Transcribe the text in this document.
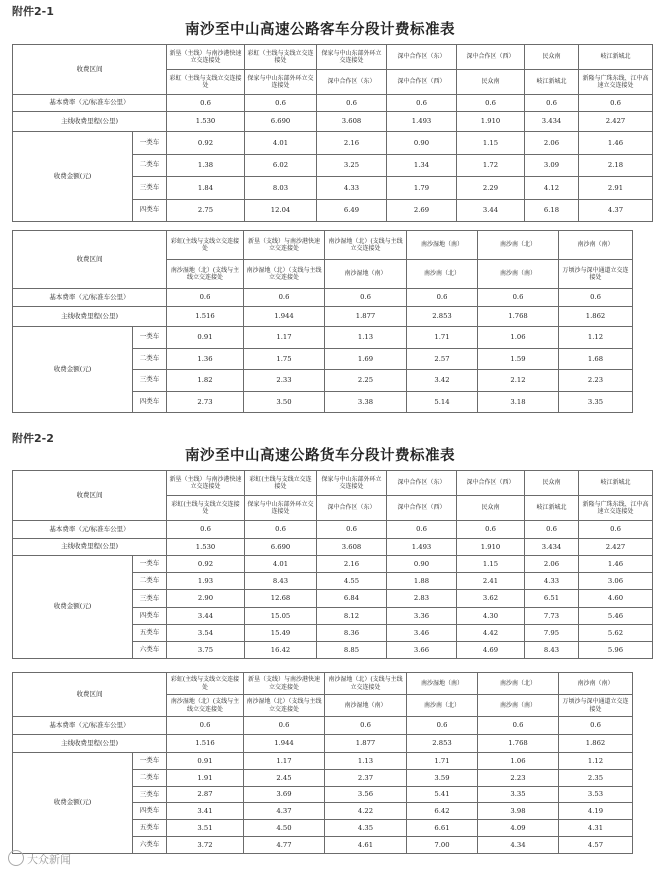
附件2-1
南沙至中山高速公路客车分段计费标准表
收费区间		新垦（主线）与南沙港快速立交连接处	彩虹（主线与支线立交连接处	保家与中山东部外环立交连接处	深中合作区（东）	深中合作区（西）	民众南	岐江新城北
		彩虹（主线与支线立交连接处	保家与中山东部外环立交连接处	深中合作区（东）	深中合作区（西）	民众南	岐江新城北	新隆与广珠东线、江中高速立交连接处
基本费率（元/标准车公里）		0.6	0.6	0.6	0.6	0.6	0.6	0.6
主线收费里程(公里)		1.530	6.690	3.608	1.493	1.910	3.434	2.427
收费金额(元)	一类车	0.92	4.01	2.16	0.90	1.15	2.06	1.46
	二类车	1.38	6.02	3.25	1.34	1.72	3.09	2.18
	三类车	1.84	8.03	4.33	1.79	2.29	4.12	2.91
	四类车	2.75	12.04	6.49	2.69	3.44	6.18	4.37
收费区间		彩虹(主线与支线立交连接处	新垦（支线）与南沙港快速立交连接处	南沙湿地（北）(支线与主线立交连接处	南沙湿地（南）	南沙南（北）	南沙南（南）
		南沙湿地（北）(支线与主线立交连接处	南沙湿地（北）（支线与主线立交连接处	南沙湿地（南）	南沙南（北）	南沙南（南）	万顷沙与深中通道立交连接处
基本费率（元/标准车公里）		0.6	0.6	0.6	0.6	0.6	0.6
主线收费里程(公里)		1.516	1.944	1.877	2.853	1.768	1.862
收费金额(元)	一类车	0.91	1.17	1.13	1.71	1.06	1.12
	二类车	1.36	1.75	1.69	2.57	1.59	1.68
	三类车	1.82	2.33	2.25	3.42	2.12	2.23
	四类车	2.73	3.50	3.38	5.14	3.18	3.35
附件2-2
南沙至中山高速公路货车分段计费标准表
收费区间		新垦（主线）与南沙港快速立交连接处	彩虹(主线与支线立交连接处	保家与中山东部外环立交连接处	深中合作区（东）	深中合作区（西）	民众南	岐江新城北
		彩虹(主线与支线立交连接处	保家与中山东部外环立交连接处	深中合作区（东）	深中合作区（西）	民众南	岐江新城北	新隆与广珠东线、江中高速立交连接处
基本费率（元/标准车公里）		0.6	0.6	0.6	0.6	0.6	0.6	0.6
主线收费里程(公里)		1.530	6.690	3.608	1.493	1.910	3.434	2.427
收费金额(元)	一类车	0.92	4.01	2.16	0.90	1.15	2.06	1.46
	二类车	1.93	8.43	4.55	1.88	2.41	4.33	3.06
	三类车	2.90	12.68	6.84	2.83	3.62	6.51	4.60
	四类车	3.44	15.05	8.12	3.36	4.30	7.73	5.46
	五类车	3.54	15.49	8.36	3.46	4.42	7.95	5.62
	六类车	3.75	16.42	8.85	3.66	4.69	8.43	5.96
收费区间		彩虹(主线与支线立交连接处	新垦（支线）与南沙港快速立交连接处	南沙湿地（北）(支线与主线立交连接处	南沙湿地（南）	南沙南（北）	南沙南（南）
		南沙湿地（北）(支线与主线立交连接处	南沙湿地（北）（支线与主线立交连接处	南沙湿地（南）	南沙南（北）	南沙南（南）	万顷沙与深中通道立交连接处
基本费率（元/标准车公里）		0.6	0.6	0.6	0.6	0.6	0.6
主线收费里程(公里)		1.516	1.944	1.877	2.853	1.768	1.862
收费金额(元)	一类车	0.91	1.17	1.13	1.71	1.06	1.12
	二类车	1.91	2.45	2.37	3.59	2.23	2.35
	三类车	2.87	3.69	3.56	5.41	3.35	3.53
	四类车	3.41	4.37	4.22	6.42	3.98	4.19
	五类车	3.51	4.50	4.35	6.61	4.09	4.31
	六类车	3.72	4.77	4.61	7.00	4.34	4.57
大众新闻
